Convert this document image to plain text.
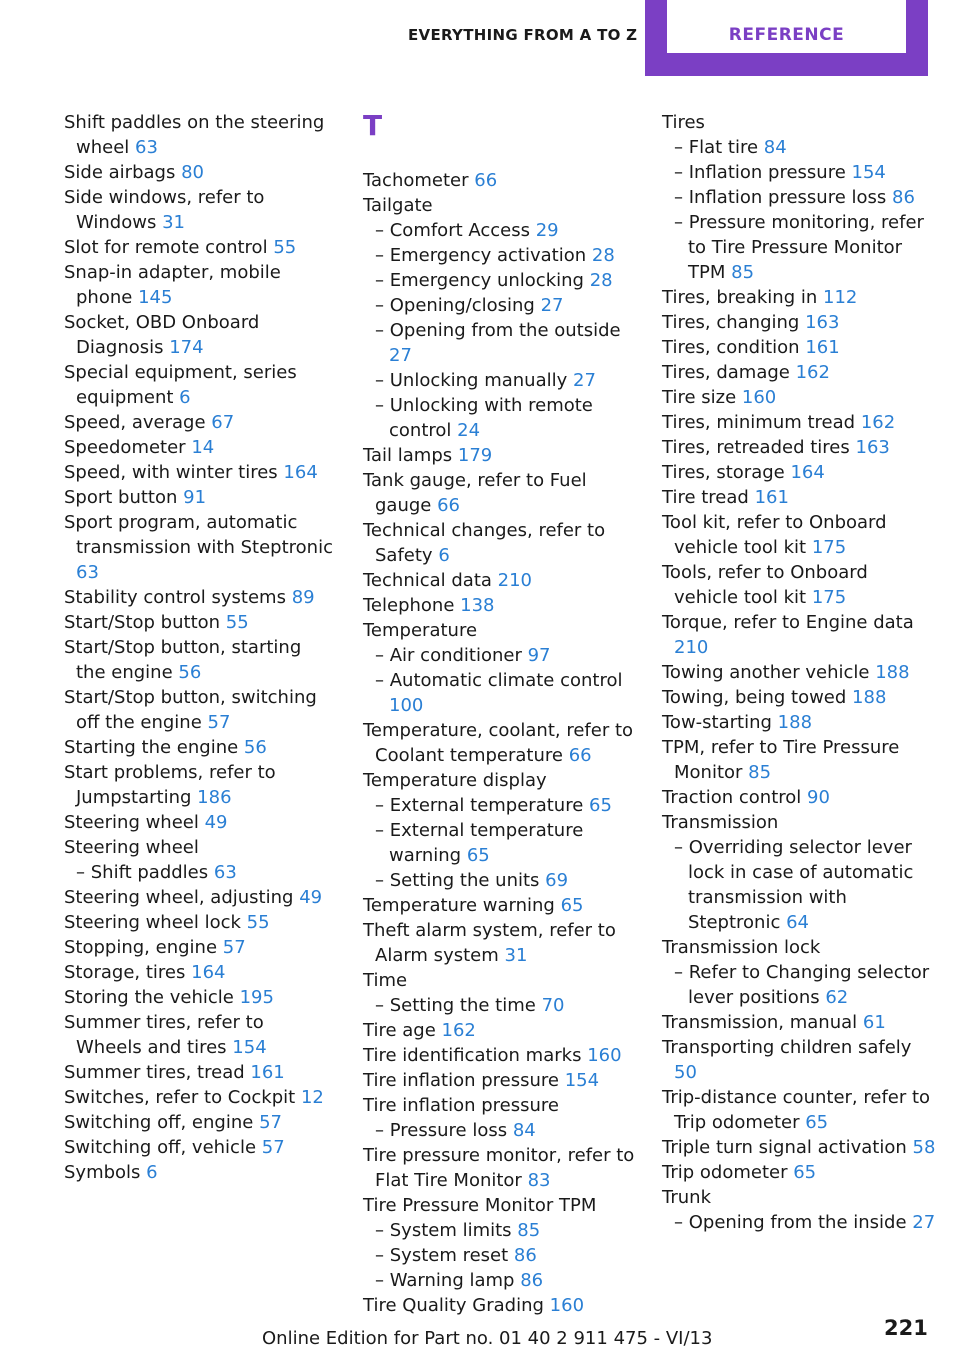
EVERYTHING FROM A TO Z	REFERENCE
Shift paddles on the steering wheel 63
Side airbags 80
Side windows, refer to Windows 31
Slot for remote control 55
Snap-in adapter, mobile phone 145
Socket, OBD Onboard Diagnosis 174
Special equipment, series equipment 6
Speed, average 67
Speedometer 14
Speed, with winter tires 164
Sport button 91
Sport program, automatic transmission with Steptronic 63
Stability control systems 89
Start/Stop button 55
Start/Stop button, starting the engine 56
Start/Stop button, switching off the engine 57
Starting the engine 56
Start problems, refer to Jumpstarting 186
Steering wheel 49
Steering wheel
– Shift paddles 63
Steering wheel, adjusting 49
Steering wheel lock 55
Stopping, engine 57
Storage, tires 164
Storing the vehicle 195
Summer tires, refer to Wheels and tires 154
Summer tires, tread 161
Switches, refer to Cockpit 12
Switching off, engine 57
Switching off, vehicle 57
Symbols 6
T
Tachometer 66
Tailgate
– Comfort Access 29
– Emergency activation 28
– Emergency unlocking 28
– Opening/closing 27
– Opening from the outside 27
– Unlocking manually 27
– Unlocking with remote control 24
Tail lamps 179
Tank gauge, refer to Fuel gauge 66
Technical changes, refer to Safety 6
Technical data 210
Telephone 138
Temperature
– Air conditioner 97
– Automatic climate control 100
Temperature, coolant, refer to Coolant temperature 66
Temperature display
– External temperature 65
– External temperature warning 65
– Setting the units 69
Temperature warning 65
Theft alarm system, refer to Alarm system 31
Time
– Setting the time 70
Tire age 162
Tire identification marks 160
Tire inflation pressure 154
Tire inflation pressure
– Pressure loss 84
Tire pressure monitor, refer to Flat Tire Monitor 83
Tire Pressure Monitor TPM
– System limits 85
– System reset 86
– Warning lamp 86
Tire Quality Grading 160
Tires
– Flat tire 84
– Inflation pressure 154
– Inflation pressure loss 86
– Pressure monitoring, refer to Tire Pressure Monitor TPM 85
Tires, breaking in 112
Tires, changing 163
Tires, condition 161
Tires, damage 162
Tire size 160
Tires, minimum tread 162
Tires, retreaded tires 163
Tires, storage 164
Tire tread 161
Tool kit, refer to Onboard vehicle tool kit 175
Tools, refer to Onboard vehicle tool kit 175
Torque, refer to Engine data 210
Towing another vehicle 188
Towing, being towed 188
Tow-starting 188
TPM, refer to Tire Pressure Monitor 85
Traction control 90
Transmission
– Overriding selector lever lock in case of automatic transmission with Steptronic 64
Transmission lock
– Refer to Changing selector lever positions 62
Transmission, manual 61
Transporting children safely 50
Trip-distance counter, refer to Trip odometer 65
Triple turn signal activation 58
Trip odometer 65
Trunk
– Opening from the inside 27
221
Online Edition for Part no. 01 40 2 911 475 - VI/13
